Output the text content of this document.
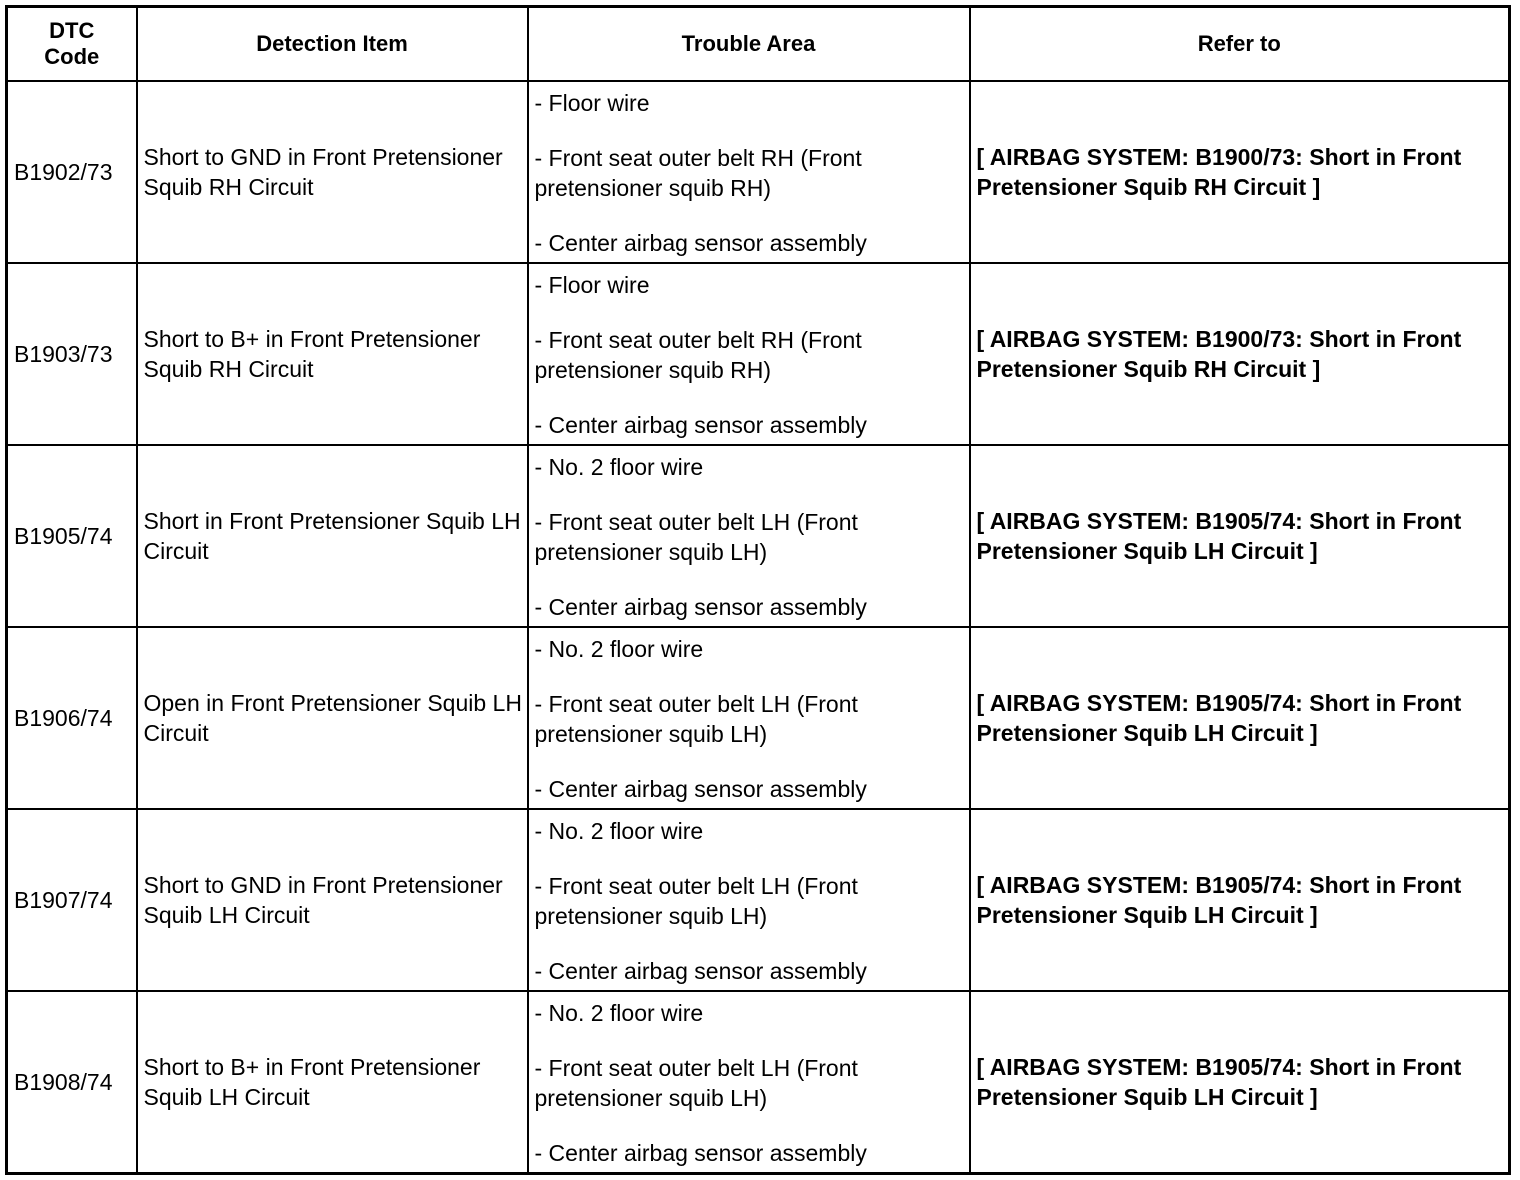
DTC
Code	Detection Item	Trouble Area	Refer to
B1902/73	Short to GND in Front Pretensioner Squib RH Circuit	- Floor wire
- Front seat outer belt RH (Front pretensioner squib RH)
- Center airbag sensor assembly	[ AIRBAG SYSTEM: B1900/73: Short in Front Pretensioner Squib RH Circuit ]
B1903/73	Short to B+ in Front Pretensioner Squib RH Circuit	- Floor wire
- Front seat outer belt RH (Front pretensioner squib RH)
- Center airbag sensor assembly	[ AIRBAG SYSTEM: B1900/73: Short in Front Pretensioner Squib RH Circuit ]
B1905/74	Short in Front Pretensioner Squib LH Circuit	- No. 2 floor wire
- Front seat outer belt LH (Front pretensioner squib LH)
- Center airbag sensor assembly	[ AIRBAG SYSTEM: B1905/74: Short in Front Pretensioner Squib LH Circuit ]
B1906/74	Open in Front Pretensioner Squib LH Circuit	- No. 2 floor wire
- Front seat outer belt LH (Front pretensioner squib LH)
- Center airbag sensor assembly	[ AIRBAG SYSTEM: B1905/74: Short in Front Pretensioner Squib LH Circuit ]
B1907/74	Short to GND in Front Pretensioner Squib LH Circuit	- No. 2 floor wire
- Front seat outer belt LH (Front pretensioner squib LH)
- Center airbag sensor assembly	[ AIRBAG SYSTEM: B1905/74: Short in Front Pretensioner Squib LH Circuit ]
B1908/74	Short to B+ in Front Pretensioner Squib LH Circuit	- No. 2 floor wire
- Front seat outer belt LH (Front pretensioner squib LH)
- Center airbag sensor assembly	[ AIRBAG SYSTEM: B1905/74: Short in Front Pretensioner Squib LH Circuit ]
